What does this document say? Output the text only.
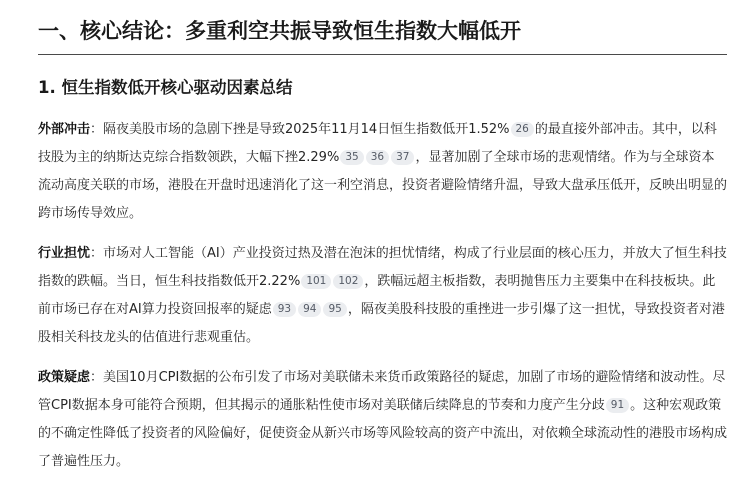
一、核心结论：多重利空共振导致恒生指数大幅低开
1. 恒生指数低开核心驱动因素总结

外部冲击：隔夜美股市场的急剧下挫是导致2025年11月14日恒生指数低开1.52% 26 的最直接外部冲击。其中，以科技股为主的纳斯达克综合指数领跌，大幅下挫2.29% 35 36 37 ，显著加剧了全球市场的悲观情绪。作为与全球资本流动高度关联的市场，港股在开盘时迅速消化了这一利空消息，投资者避险情绪升温，导致大盘承压低开，反映出明显的跨市场传导效应。

行业担忧：市场对人工智能（AI）产业投资过热及潜在泡沫的担忧情绪，构成了行业层面的核心压力，并放大了恒生科技指数的跌幅。当日，恒生科技指数低开2.22% 101 102 ，跌幅远超主板指数，表明抛售压力主要集中在科技板块。此前市场已存在对AI算力投资回报率的疑虑 93 94 95 ，隔夜美股科技股的重挫进一步引爆了这一担忧，导致投资者对港股相关科技龙头的估值进行悲观重估。

政策疑虑：美国10月CPI数据的公布引发了市场对美联储未来货币政策路径的疑虑，加剧了市场的避险情绪和波动性。尽管CPI数据本身可能符合预期，但其揭示的通胀粘性使市场对美联储后续降息的节奏和力度产生分歧 91 。这种宏观政策的不确定性降低了投资者的风险偏好，促使资金从新兴市场等风险较高的资产中流出，对依赖全球流动性的港股市场构成了普遍性压力。
